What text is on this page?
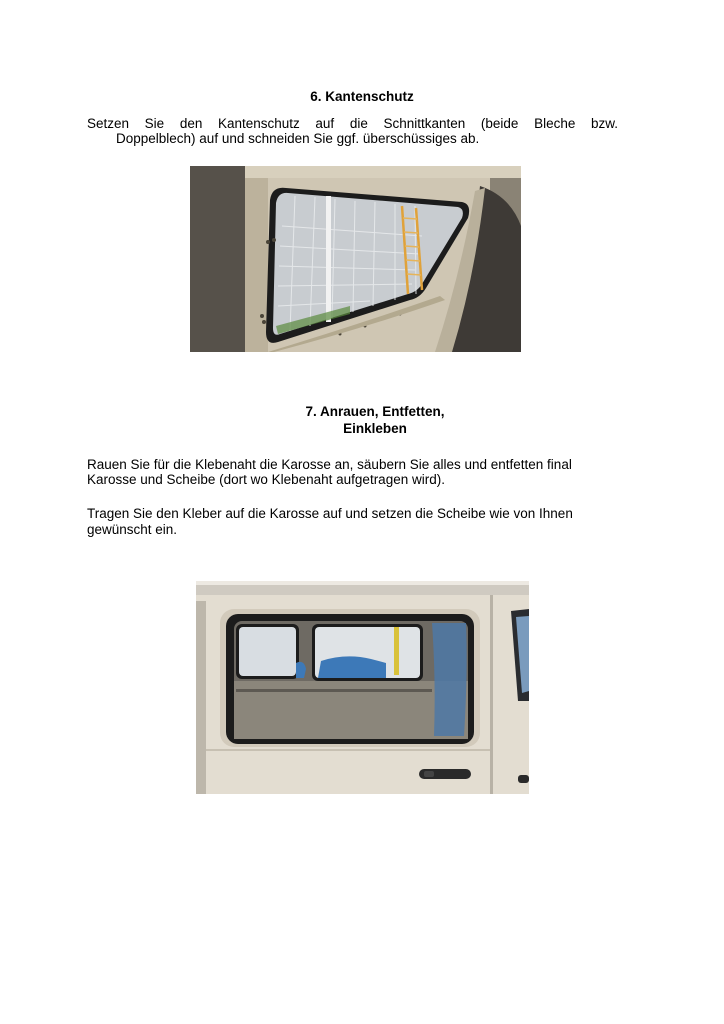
6. Kantenschutz
Setzen Sie den Kantenschutz auf die Schnittkanten (beide Bleche bzw.
Doppelblech) auf und schneiden Sie ggf. überschüssiges ab.
7. Anrauen, Entfetten,
Einkleben
Rauen Sie für die Klebenaht die Karosse an, säubern Sie alles und entfetten final
Karosse und Scheibe (dort wo Klebenaht aufgetragen wird).
Tragen Sie den Kleber auf die Karosse auf und setzen die Scheibe wie von Ihnen
gewünscht ein.
